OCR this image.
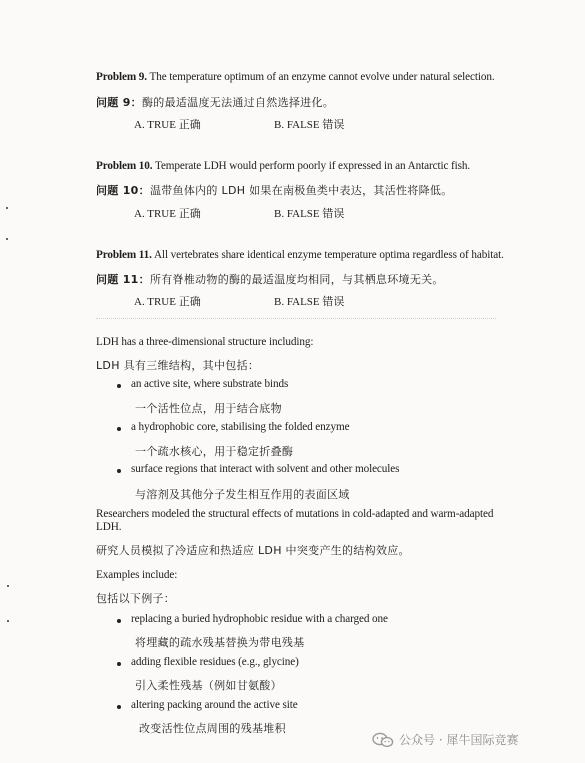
Problem 9. The temperature optimum of an enzyme cannot evolve under natural selection.
问题 9：酶的最适温度无法通过自然选择进化。
A. TRUE 正确	B. FALSE 错误
Problem 10. Temperate LDH would perform poorly if expressed in an Antarctic fish.
问题 10：温带鱼体内的 LDH 如果在南极鱼类中表达，其活性将降低。
A. TRUE 正确	B. FALSE 错误
Problem 11. All vertebrates share identical enzyme temperature optima regardless of habitat.
问题 11：所有脊椎动物的酶的最适温度均相同，与其栖息环境无关。
A. TRUE 正确	B. FALSE 错误
LDH has a three-dimensional structure including:
LDH 具有三维结构，其中包括：
an active site, where substrate binds
一个活性位点，用于结合底物
a hydrophobic core, stabilising the folded enzyme
一个疏水核心，用于稳定折叠酶
surface regions that interact with solvent and other molecules
与溶剂及其他分子发生相互作用的表面区域
Researchers modeled the structural effects of mutations in cold-adapted and warm-adapted
LDH.
研究人员模拟了冷适应和热适应 LDH 中突变产生的结构效应。
Examples include:
包括以下例子：
replacing a buried hydrophobic residue with a charged one
将埋藏的疏水残基替换为带电残基
adding flexible residues (e.g., glycine)
引入柔性残基（例如甘氨酸）
altering packing around the active site
改变活性位点周围的残基堆积
公众号 · 犀牛国际竞赛
